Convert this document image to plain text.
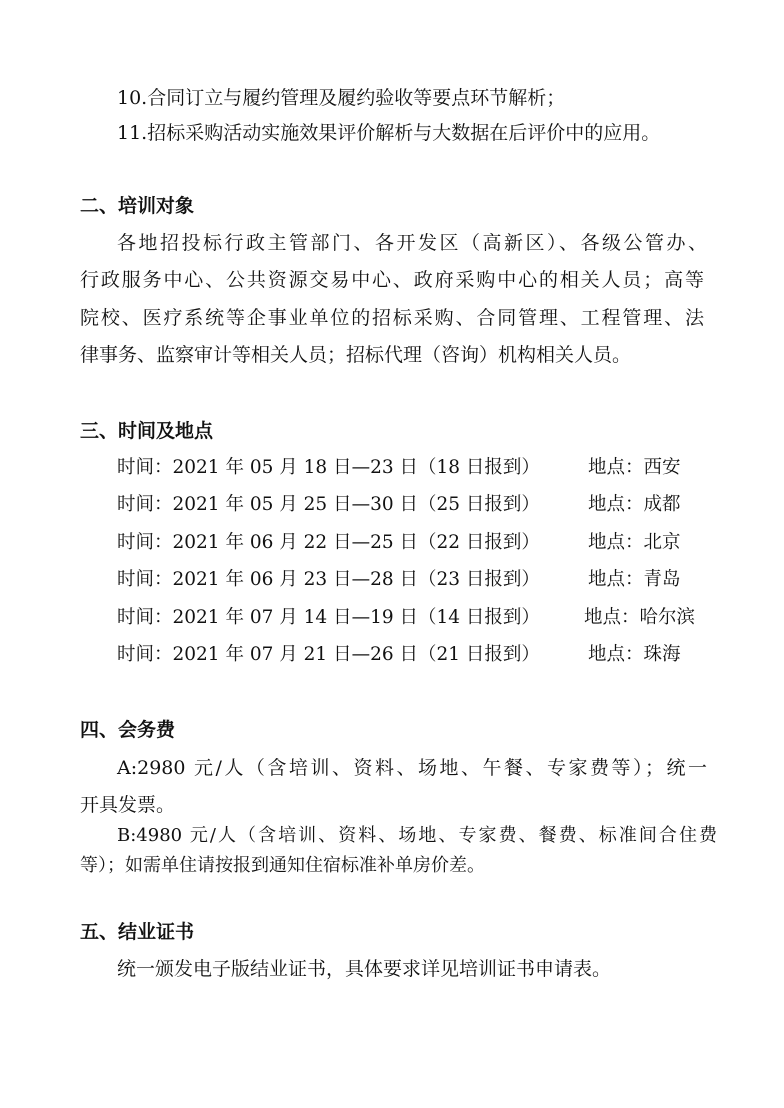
10.合同订立与履约管理及履约验收等要点环节解析；
11.招标采购活动实施效果评价解析与大数据在后评价中的应用。
二、培训对象
各地招投标行政主管部门、各开发区（高新区）、各级公管办、
行政服务中心、公共资源交易中心、政府采购中心的相关人员；高等
院校、医疗系统等企事业单位的招标采购、合同管理、工程管理、法
律事务、监察审计等相关人员；招标代理（咨询）机构相关人员。
三、时间及地点
时间：2021 年 05 月 18 日—23 日（18 日报到）	地点：西安
时间：2021 年 05 月 25 日—30 日（25 日报到）	地点：成都
时间：2021 年 06 月 22 日—25 日（22 日报到）	地点：北京
时间：2021 年 06 月 23 日—28 日（23 日报到）	地点：青岛
时间：2021 年 07 月 14 日—19 日（14 日报到） 地点：哈尔滨
时间：2021 年 07 月 21 日—26 日（21 日报到）	地点：珠海
四、会务费
A:2980 元/人（含培训、资料、场地、午餐、专家费等）；统一
开具发票。
B:4980 元/人（含培训、资料、场地、专家费、餐费、标准间合住费
等）；如需单住请按报到通知住宿标准补单房价差。
五、结业证书
统一颁发电子版结业证书，具体要求详见培训证书申请表。
